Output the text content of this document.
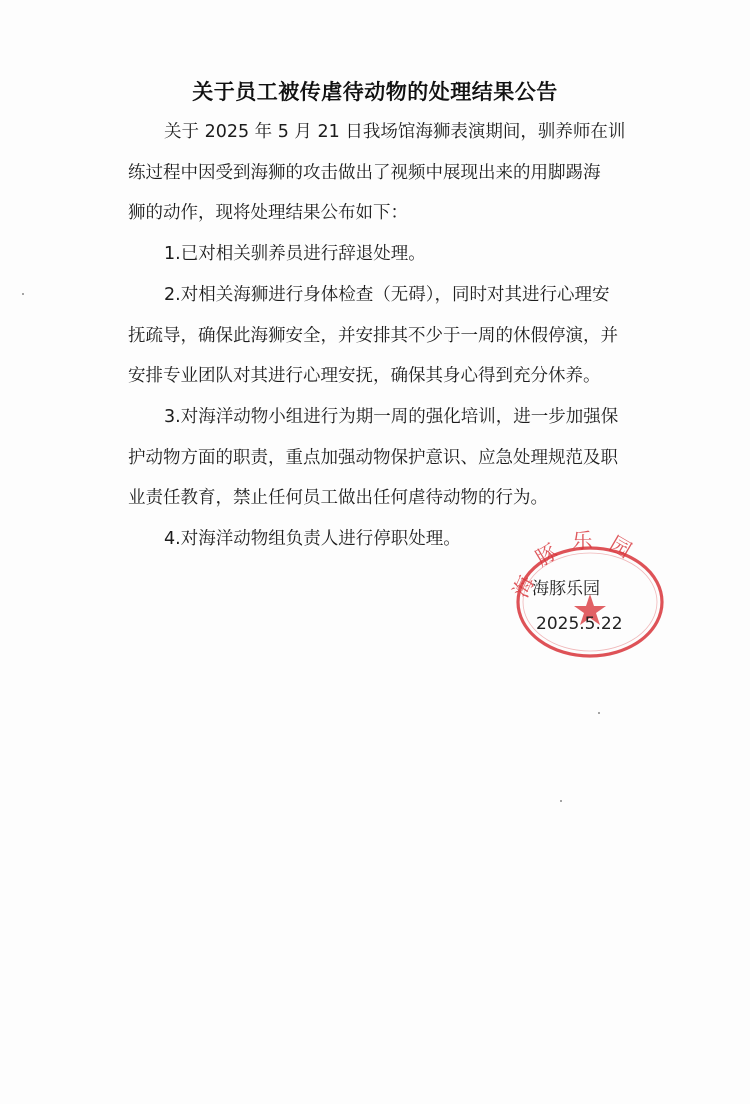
关于员工被传虐待动物的处理结果公告
关于 2025 年 5 月 21 日我场馆海狮表演期间，驯养师在训
练过程中因受到海狮的攻击做出了视频中展现出来的用脚踢海
狮的动作，现将处理结果公布如下：
1.已对相关驯养员进行辞退处理。
2.对相关海狮进行身体检查（无碍），同时对其进行心理安
抚疏导，确保此海狮安全，并安排其不少于一周的休假停演，并
安排专业团队对其进行心理安抚，确保其身心得到充分休养。
3.对海洋动物小组进行为期一周的强化培训，进一步加强保
护动物方面的职责，重点加强动物保护意识、应急处理规范及职
业责任教育，禁止任何员工做出任何虐待动物的行为。
4.对海洋动物组负责人进行停职处理。
海豚乐园
海豚乐园
2025.5.22
